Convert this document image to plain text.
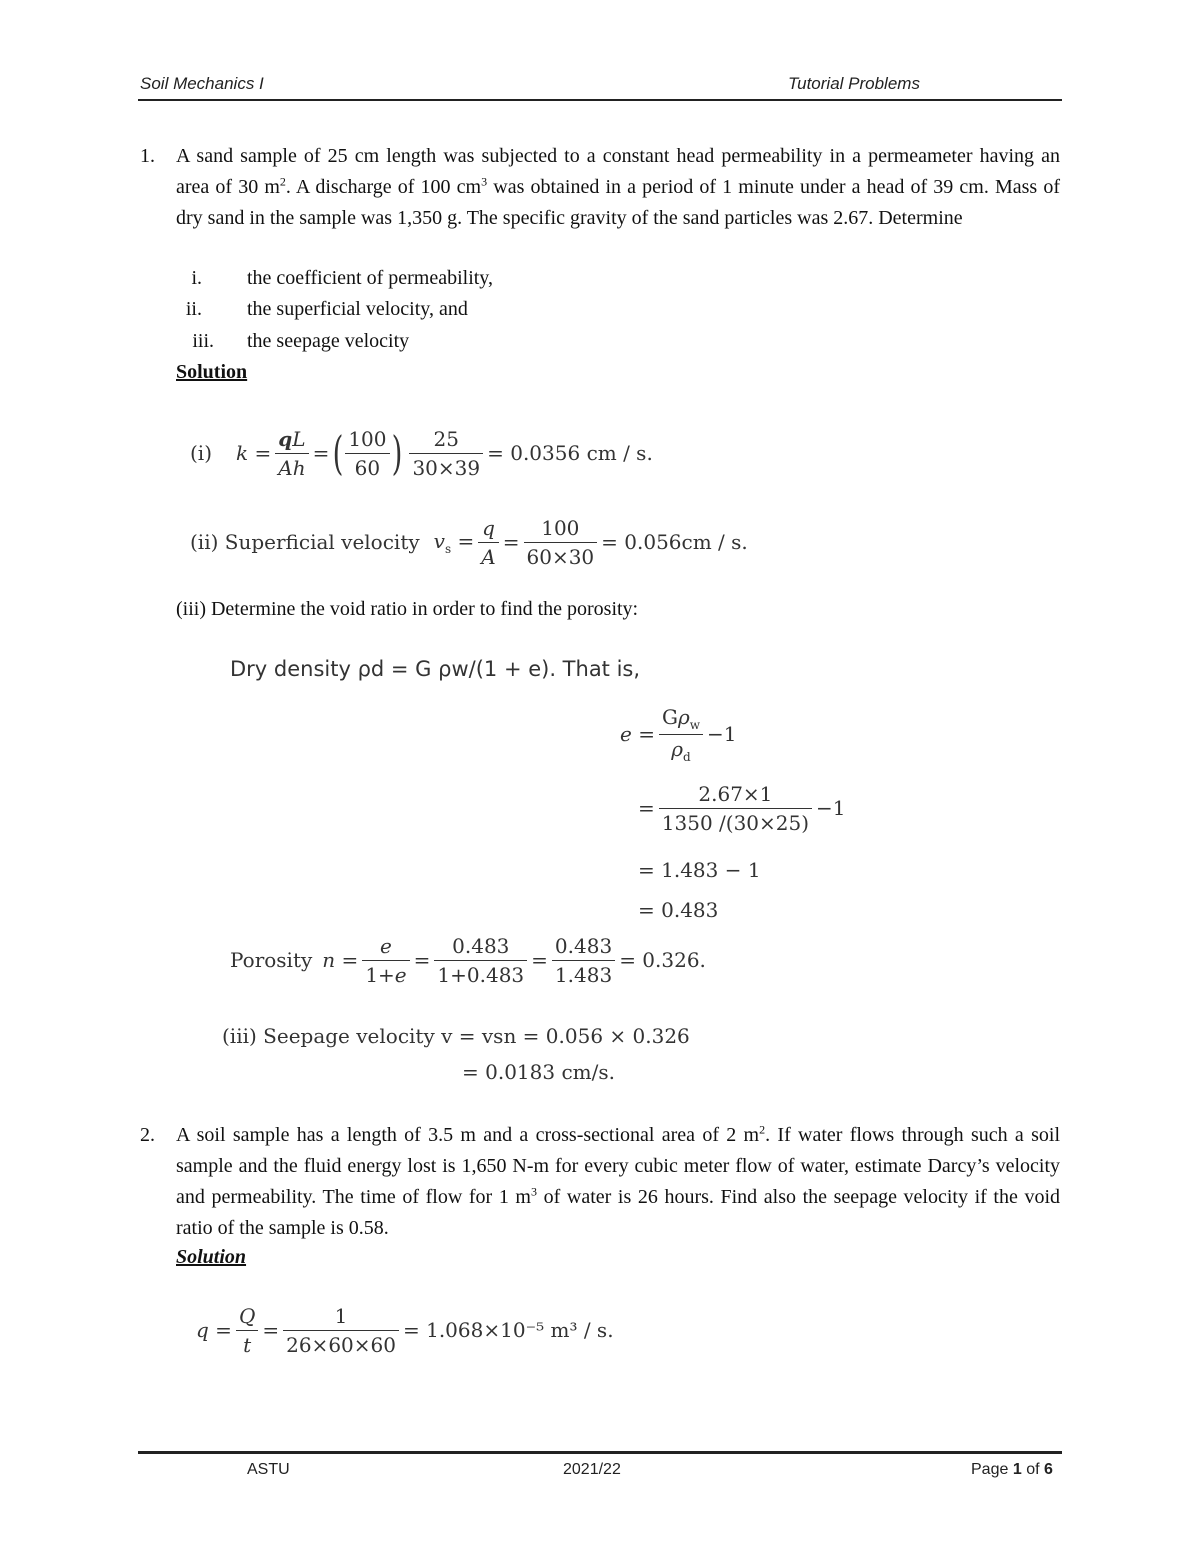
Soil Mechanics I	Tutorial Problems
1. A sand sample of 25 cm length was subjected to a constant head permeability in a permeameter having an area of 30 $m^2$. A discharge of 100 $cm^3$ was obtained in a period of 1 minute under a head of 39 cm. Mass of dry sand in the sample was 1,350 g. The specific gravity of the sand particles was 2.67. Determine
i. the coefficient of permeability,
ii. the superficial velocity, and
iii. the seepage velocity
Solution
(i) $k = \frac{qL}{Ah}$ = ( 100
60 ) $\frac{25}{30\times 39} = 0.0356$ cm / s.
(ii) Superficial velocity $v_s = \frac{q}{A} = \frac{100}{60\times 30} = 0.056cm / s$.
(iii) Determine the void ratio in order to find the porosity:
Dry density ρd = G ρw/(1 + e). That is,
e =
$G\rho_w$
$\rho_d$
−1
= $\frac{2.67\times 1}{1350 /(30\times 25)} -1$
= 1.483 − 1
= 0.483
Porosity $n = \frac{e}{1+e} = \frac{0.483}{1+0.483} = \frac{0.483}{1.483} = 0.326$.
(iii) Seepage velocity v = vsn = 0.056 × 0.326
= 0.0183 cm/s.
2. A soil sample has a length of 3.5 m and a cross-sectional area of 2 $m^2$. If water flows through such a soil sample and the fluid energy lost is 1,650 N-m for every cubic meter flow of water, estimate Darcy’s velocity and permeability. The time of flow for 1 $m^3$ of water is 26 hours. Find also the seepage velocity if the void ratio of the sample is 0.58.
Solution
$q = \frac{Q}{t} = \frac{1}{26\times 60\times 60} = 1.068\times 10^{-5}$ m³ / s.
ASTU	2021/22	Page 1 of 6
